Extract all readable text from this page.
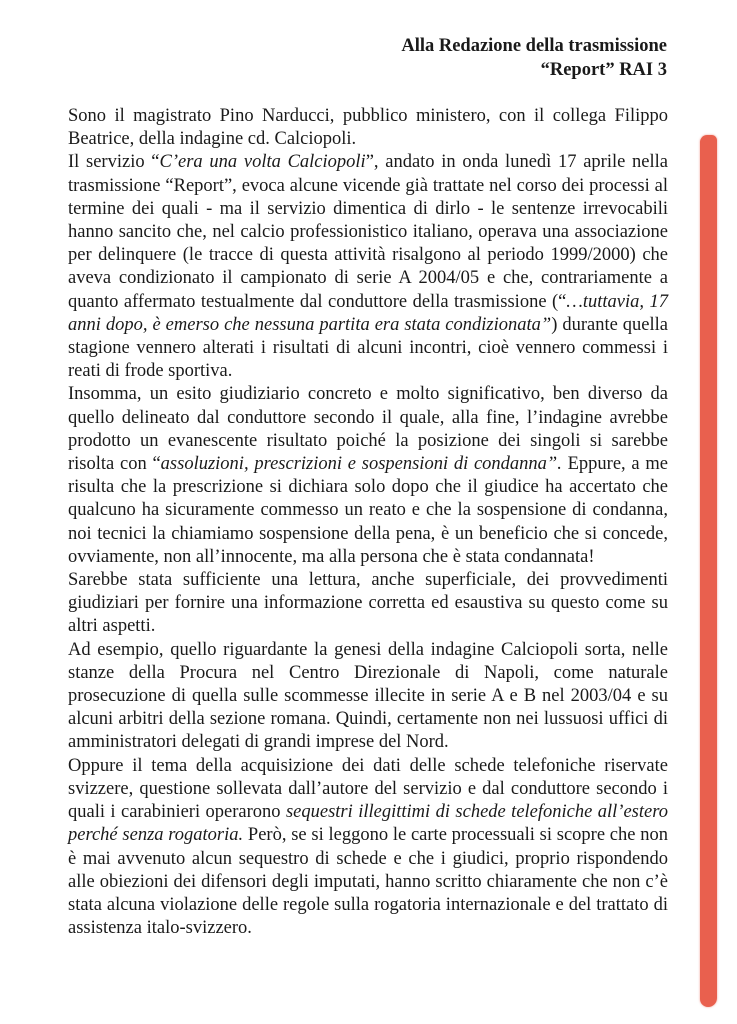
Alla Redazione della trasmissione
“Report” RAI 3

Sono il magistrato Pino Narducci, pubblico ministero, con il collega Filippo Beatrice, della indagine cd. Calciopoli.

Il servizio “C’era una volta Calciopoli”, andato in onda lunedì 17 aprile nella trasmissione “Report”, evoca alcune vicende già trattate nel corso dei processi al termine dei quali - ma il servizio dimentica di dirlo - le sentenze irrevocabili hanno sancito che, nel calcio professionistico italiano, operava una associazione per delinquere (le tracce di questa attività risalgono al periodo 1999/2000) che aveva condizionato il campionato di serie A 2004/05 e che, contrariamente a quanto affermato testualmente dal conduttore della trasmissione (“…tuttavia, 17 anni dopo, è emerso che nessuna partita era stata condizionata”) durante quella stagione vennero alterati i risultati di alcuni incontri, cioè vennero commessi i reati di frode sportiva.

Insomma, un esito giudiziario concreto e molto significativo, ben diverso da quello delineato dal conduttore secondo il quale, alla fine, l’indagine avrebbe prodotto un evanescente risultato poiché la posizione dei singoli si sarebbe risolta con “assoluzioni, prescrizioni e sospensioni di condanna”. Eppure, a me risulta che la prescrizione si dichiara solo dopo che il giudice ha accertato che qualcuno ha sicuramente commesso un reato e che la sospensione di condanna, noi tecnici la chiamiamo sospensione della pena, è un beneficio che si concede, ovviamente, non all’innocente, ma alla persona che è stata condannata!

Sarebbe stata sufficiente una lettura, anche superficiale, dei provvedimenti giudiziari per fornire una informazione corretta ed esaustiva su questo come su altri aspetti.

Ad esempio, quello riguardante la genesi della indagine Calciopoli sorta, nelle stanze della Procura nel Centro Direzionale di Napoli, come naturale prosecuzione di quella sulle scommesse illecite in serie A e B nel 2003/04 e su alcuni arbitri della sezione romana. Quindi, certamente non nei lussuosi uffici di amministratori delegati di grandi imprese del Nord.

Oppure il tema della acquisizione dei dati delle schede telefoniche riservate svizzere, questione sollevata dall’autore del servizio e dal conduttore secondo i quali i carabinieri operarono sequestri illegittimi di schede telefoniche all’estero perché senza rogatoria. Però, se si leggono le carte processuali si scopre che non è mai avvenuto alcun sequestro di schede e che i giudici, proprio rispondendo alle obiezioni dei difensori degli imputati, hanno scritto chiaramente che non c’è stata alcuna violazione delle regole sulla rogatoria internazionale e del trattato di assistenza italo-svizzero.
